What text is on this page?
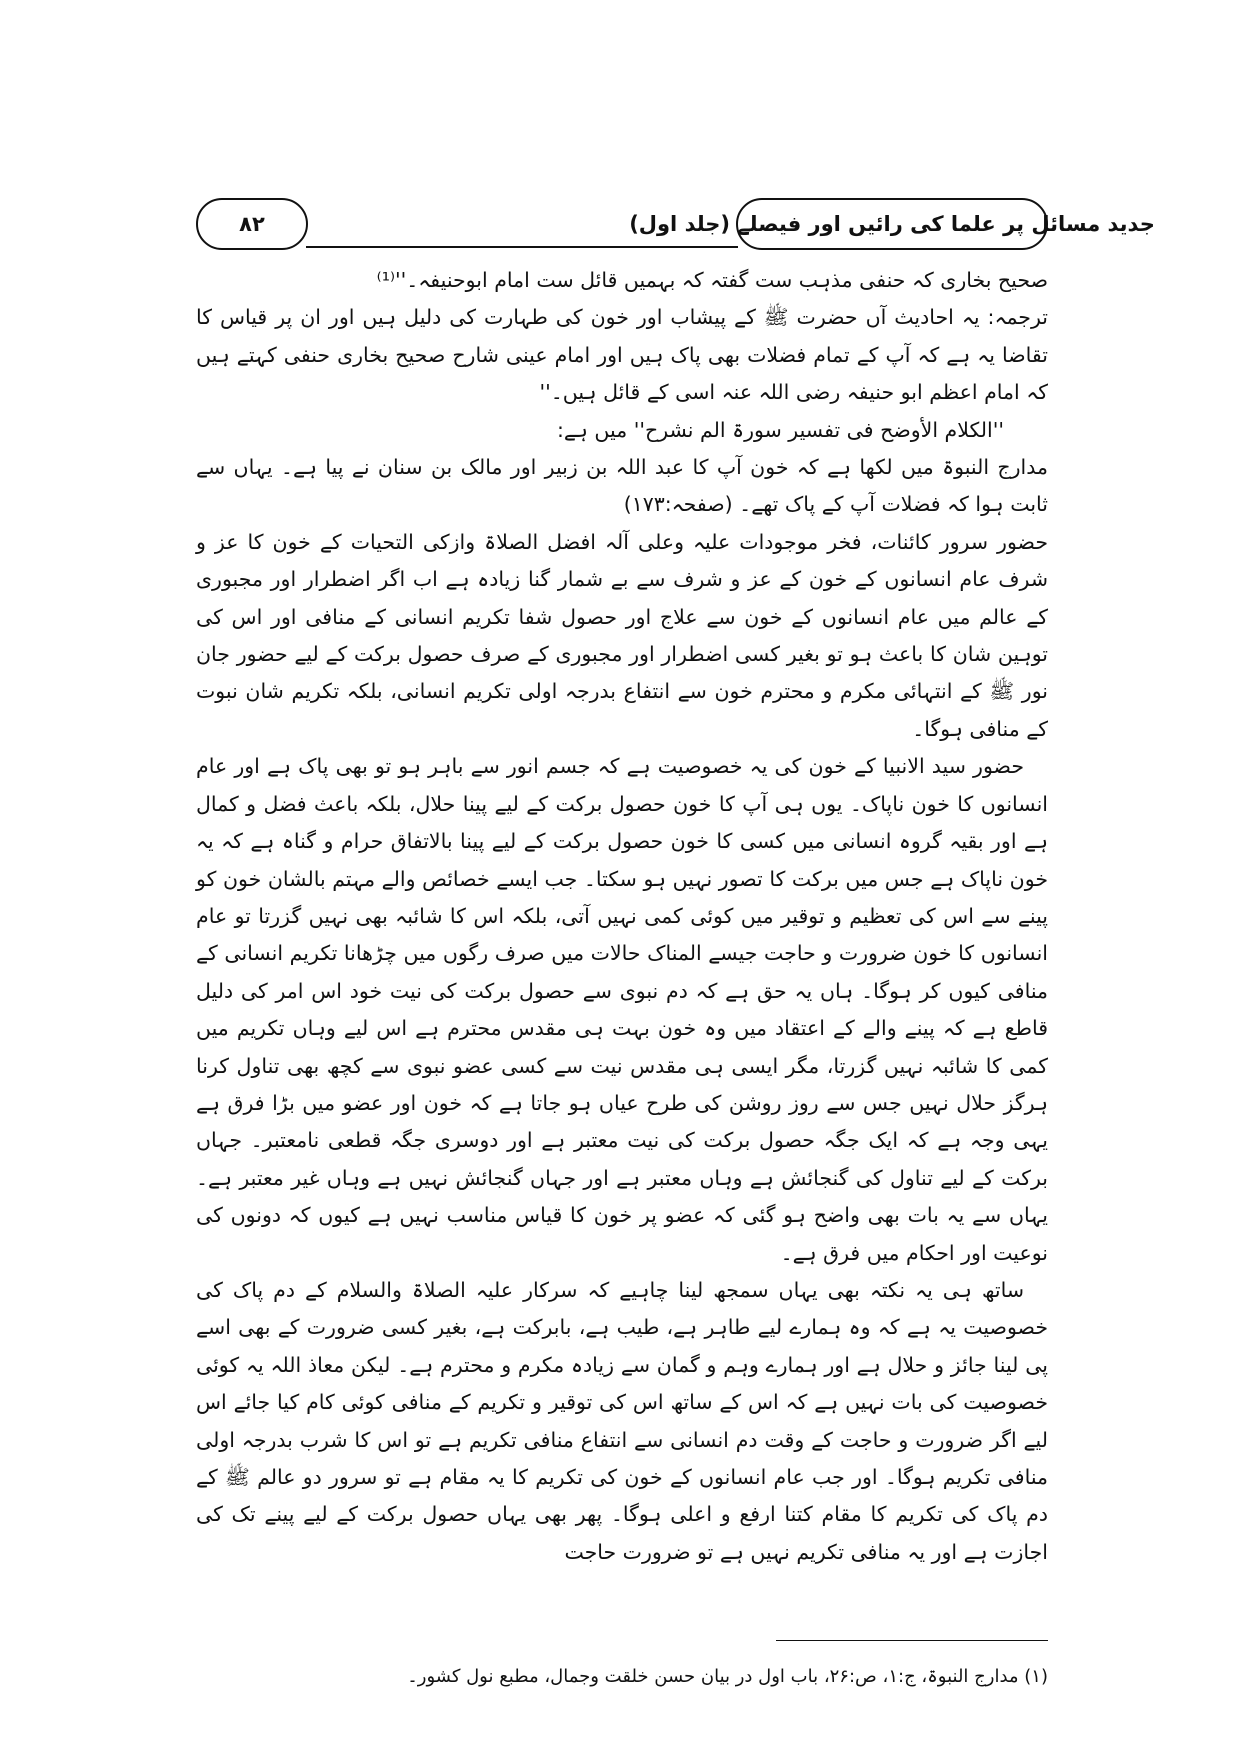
جدید مسائل پر علما کی رائیں اور فیصلے (جلد اول)
۸۲

صحیح بخاری کہ حنفی مذہب ست گفتہ کہ بہمیں قائل ست امام ابوحنیفہ۔''⁽¹⁾

ترجمہ: یہ احادیث آں حضرت ﷺ کے پیشاب اور خون کی طہارت کی دلیل ہیں اور ان پر قیاس کا تقاضا یہ ہے کہ آپ کے تمام فضلات بھی پاک ہیں اور امام عینی شارح صحیح بخاری حنفی کہتے ہیں کہ امام اعظم ابو حنیفہ رضی اللہ عنہ اسی کے قائل ہیں۔''

''الکلام الأوضح فی تفسیر سورۃ الم نشرح'' میں ہے:

مدارج النبوۃ میں لکھا ہے کہ خون آپ کا عبد اللہ بن زبیر اور مالک بن سنان نے پیا ہے۔ یہاں سے ثابت ہوا کہ فضلات آپ کے پاک تھے۔ (صفحہ:۱۷۳)

حضور سرور کائنات، فخر موجودات علیہ وعلی آلہ افضل الصلاۃ وازکی التحیات کے خون کا عز و شرف عام انسانوں کے خون کے عز و شرف سے بے شمار گنا زیادہ ہے اب اگر اضطرار اور مجبوری کے عالم میں عام انسانوں کے خون سے علاج اور حصول شفا تکریم انسانی کے منافی اور اس کی توہین شان کا باعث ہو تو بغیر کسی اضطرار اور مجبوری کے صرف حصول برکت کے لیے حضور جان نور ﷺ کے انتہائی مکرم و محترم خون سے انتفاع بدرجہ اولی تکریم انسانی، بلکہ تکریم شان نبوت کے منافی ہوگا۔

حضور سید الانبیا کے خون کی یہ خصوصیت ہے کہ جسم انور سے باہر ہو تو بھی پاک ہے اور عام انسانوں کا خون ناپاک۔ یوں ہی آپ کا خون حصول برکت کے لیے پینا حلال، بلکہ باعث فضل و کمال ہے اور بقیہ گروہ انسانی میں کسی کا خون حصول برکت کے لیے پینا بالاتفاق حرام و گناہ ہے کہ یہ خون ناپاک ہے جس میں برکت کا تصور نہیں ہو سکتا۔ جب ایسے خصائص والے مہتم بالشان خون کو پینے سے اس کی تعظیم و توقیر میں کوئی کمی نہیں آتی، بلکہ اس کا شائبہ بھی نہیں گزرتا تو عام انسانوں کا خون ضرورت و حاجت جیسے المناک حالات میں صرف رگوں میں چڑھانا تکریم انسانی کے منافی کیوں کر ہوگا۔ ہاں یہ حق ہے کہ دم نبوی سے حصول برکت کی نیت خود اس امر کی دلیل قاطع ہے کہ پینے والے کے اعتقاد میں وہ خون بہت ہی مقدس محترم ہے اس لیے وہاں تکریم میں کمی کا شائبہ نہیں گزرتا، مگر ایسی ہی مقدس نیت سے کسی عضو نبوی سے کچھ بھی تناول کرنا ہرگز حلال نہیں جس سے روز روشن کی طرح عیاں ہو جاتا ہے کہ خون اور عضو میں بڑا فرق ہے یہی وجہ ہے کہ ایک جگہ حصول برکت کی نیت معتبر ہے اور دوسری جگہ قطعی نامعتبر۔ جہاں برکت کے لیے تناول کی گنجائش ہے وہاں معتبر ہے اور جہاں گنجائش نہیں ہے وہاں غیر معتبر ہے۔ یہاں سے یہ بات بھی واضح ہو گئی کہ عضو پر خون کا قیاس مناسب نہیں ہے کیوں کہ دونوں کی نوعیت اور احکام میں فرق ہے۔

ساتھ ہی یہ نکتہ بھی یہاں سمجھ لینا چاہیے کہ سرکار علیہ الصلاۃ والسلام کے دم پاک کی خصوصیت یہ ہے کہ وہ ہمارے لیے طاہر ہے، طیب ہے، بابرکت ہے، بغیر کسی ضرورت کے بھی اسے پی لینا جائز و حلال ہے اور ہمارے وہم و گمان سے زیادہ مکرم و محترم ہے۔ لیکن معاذ اللہ یہ کوئی خصوصیت کی بات نہیں ہے کہ اس کے ساتھ اس کی توقیر و تکریم کے منافی کوئی کام کیا جائے اس لیے اگر ضرورت و حاجت کے وقت دم انسانی سے انتفاع منافی تکریم ہے تو اس کا شرب بدرجہ اولی منافی تکریم ہوگا۔ اور جب عام انسانوں کے خون کی تکریم کا یہ مقام ہے تو سرور دو عالم ﷺ کے دم پاک کی تکریم کا مقام کتنا ارفع و اعلی ہوگا۔ پھر بھی یہاں حصول برکت کے لیے پینے تک کی اجازت ہے اور یہ منافی تکریم نہیں ہے تو ضرورت حاجت

(۱) مدارج النبوۃ، ج:۱، ص:۲۶، باب اول در بیان حسن خلقت وجمال، مطبع نول کشور۔
